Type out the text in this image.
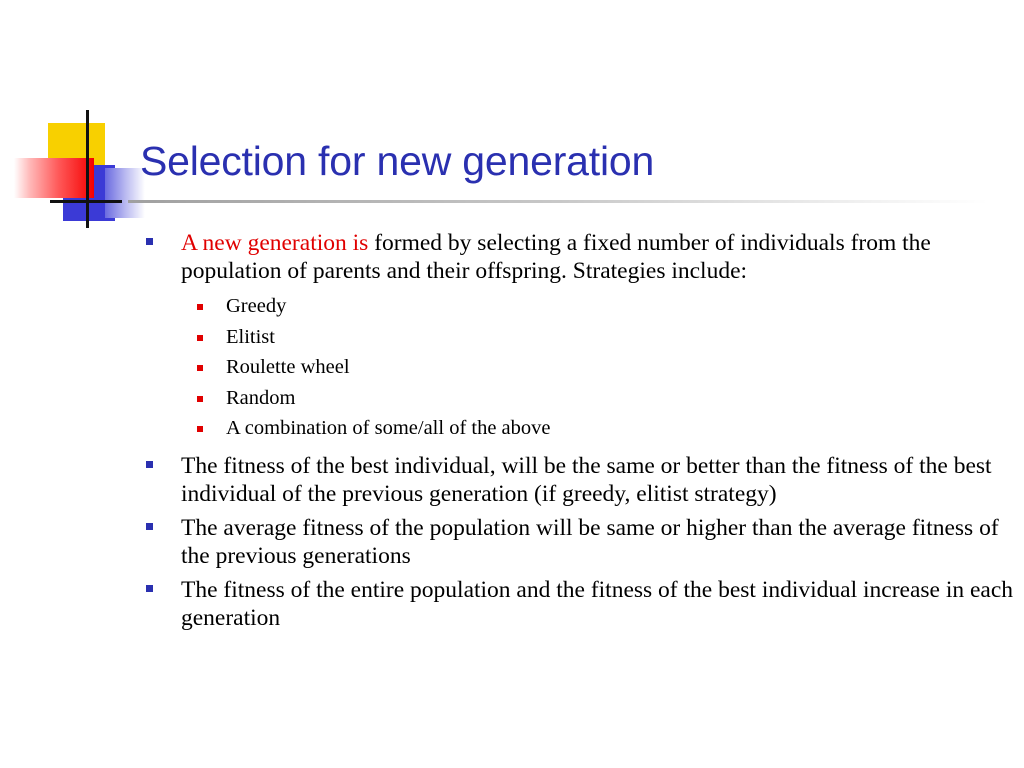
Selection for new generation
A new generation is formed by selecting a fixed number of individuals from the population of parents and their offspring. Strategies include:
Greedy
Elitist
Roulette wheel
Random
A combination of some/all of the above
The fitness of the best individual, will be the same or better than the fitness of the best individual of the previous generation (if greedy, elitist strategy)
The average fitness of the population will be same or higher than the average fitness of the previous generations
The fitness of the entire population and the fitness of the best individual increase in each generation
